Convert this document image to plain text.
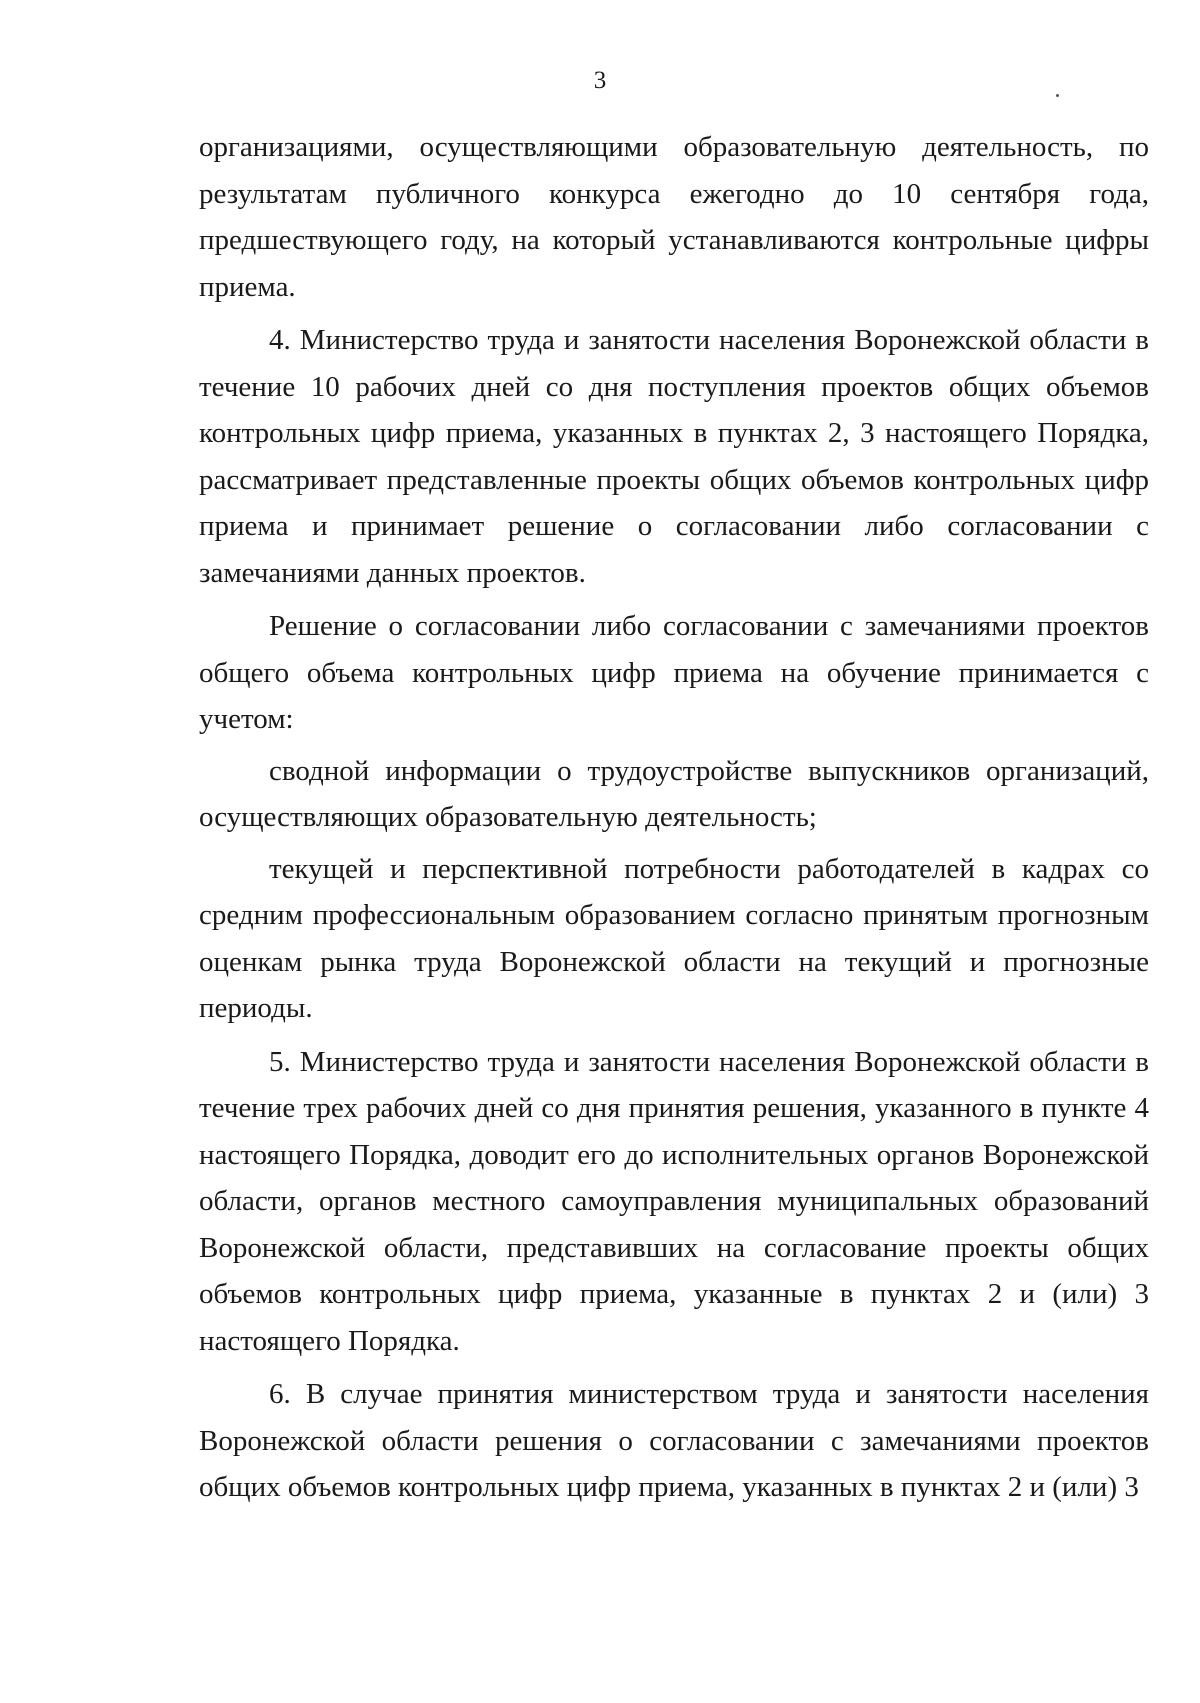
3

организациями, осуществляющими образовательную деятельность, по результатам публичного конкурса ежегодно до 10 сентября года, предшествующего году, на который устанавливаются контрольные цифры приема.

4. Министерство труда и занятости населения Воронежской области в течение 10 рабочих дней со дня поступления проектов общих объемов контрольных цифр приема, указанных в пунктах 2, 3 настоящего Порядка, рассматривает представленные проекты общих объемов контрольных цифр приема и принимает решение о согласовании либо согласовании с замечаниями данных проектов.

Решение о согласовании либо согласовании с замечаниями проектов общего объема контрольных цифр приема на обучение принимается с учетом:

сводной информации о трудоустройстве выпускников организаций, осуществляющих образовательную деятельность;

текущей и перспективной потребности работодателей в кадрах со средним профессиональным образованием согласно принятым прогнозным оценкам рынка труда Воронежской области на текущий и прогнозные периоды.

5. Министерство труда и занятости населения Воронежской области в течение трех рабочих дней со дня принятия решения, указанного в пункте 4 настоящего Порядка, доводит его до исполнительных органов Воронежской области, органов местного самоуправления муниципальных образований Воронежской области, представивших на согласование проекты общих объемов контрольных цифр приема, указанные в пунктах 2 и (или) 3 настоящего Порядка.

6. В случае принятия министерством труда и занятости населения Воронежской области решения о согласовании с замечаниями проектов общих объемов контрольных цифр приема, указанных в пунктах 2 и (или) 3
